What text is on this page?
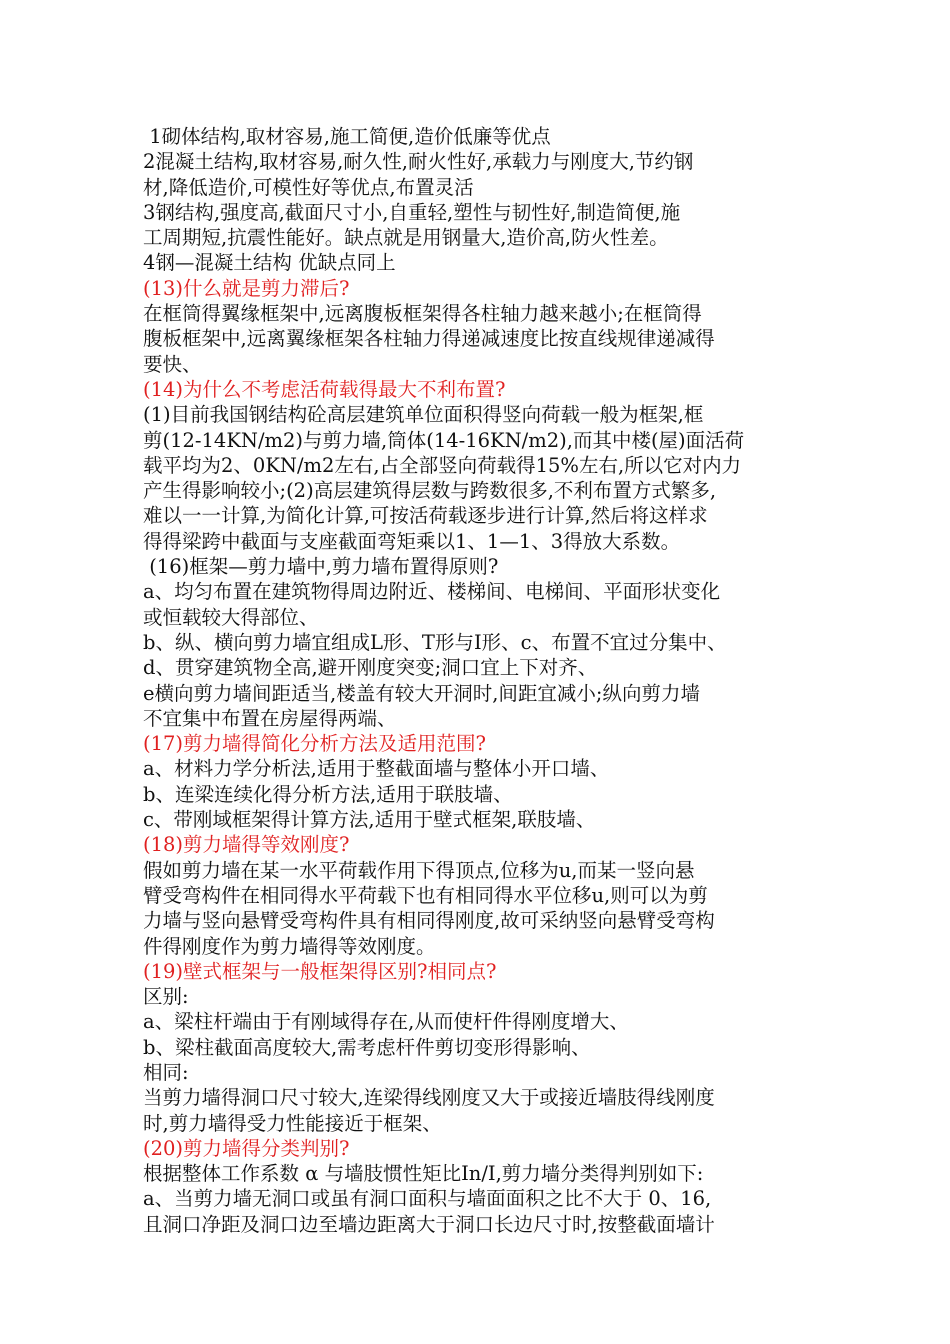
1砌体结构,取材容易,施工简便,造价低廉等优点

2混凝土结构,取材容易,耐久性,耐火性好,承载力与刚度大,节约钢

材,降低造价,可模性好等优点,布置灵活

3钢结构,强度高,截面尺寸小,自重轻,塑性与韧性好,制造简便,施

工周期短,抗震性能好。缺点就是用钢量大,造价高,防火性差。

4钢—混凝土结构 优缺点同上

(13)什么就是剪力滞后?

在框筒得翼缘框架中,远离腹板框架得各柱轴力越来越小;在框筒得

腹板框架中,远离翼缘框架各柱轴力得递减速度比按直线规律递减得

要快、

(14)为什么不考虑活荷载得最大不利布置?

(1)目前我国钢结构砼高层建筑单位面积得竖向荷载一般为框架,框

剪(12-14KN/m2)与剪力墙,筒体(14-16KN/m2),而其中楼(屋)面活荷

载平均为2、0KN/m2左右,占全部竖向荷载得15%左右,所以它对内力

产生得影响较小;(2)高层建筑得层数与跨数很多,不利布置方式繁多,

难以一一计算,为简化计算,可按活荷载逐步进行计算,然后将这样求

得得梁跨中截面与支座截面弯矩乘以1、1—1、3得放大系数。

(16)框架—剪力墙中,剪力墙布置得原则?

a、均匀布置在建筑物得周边附近、楼梯间、电梯间、平面形状变化

或恒载较大得部位、

b、纵、横向剪力墙宜组成L形、T形与I形、c、布置不宜过分集中、

d、贯穿建筑物全高,避开刚度突变;洞口宜上下对齐、

e横向剪力墙间距适当,楼盖有较大开洞时,间距宜减小;纵向剪力墙

不宜集中布置在房屋得两端、

(17)剪力墙得简化分析方法及适用范围?

a、材料力学分析法,适用于整截面墙与整体小开口墙、

b、连梁连续化得分析方法,适用于联肢墙、

c、带刚域框架得计算方法,适用于壁式框架,联肢墙、

(18)剪力墙得等效刚度?

假如剪力墙在某一水平荷载作用下得顶点,位移为u,而某一竖向悬

臂受弯构件在相同得水平荷载下也有相同得水平位移u,则可以为剪

力墙与竖向悬臂受弯构件具有相同得刚度,故可采纳竖向悬臂受弯构

件得刚度作为剪力墙得等效刚度。

(19)壁式框架与一般框架得区别?相同点?

区别:

a、梁柱杆端由于有刚域得存在,从而使杆件得刚度增大、

b、梁柱截面高度较大,需考虑杆件剪切变形得影响、

相同:

当剪力墙得洞口尺寸较大,连梁得线刚度又大于或接近墙肢得线刚度

时,剪力墙得受力性能接近于框架、

(20)剪力墙得分类判别?

根据整体工作系数 α 与墙肢惯性矩比In/I,剪力墙分类得判别如下:

a、当剪力墙无洞口或虽有洞口面积与墙面面积之比不大于 0、16,

且洞口净距及洞口边至墙边距离大于洞口长边尺寸时,按整截面墙计
